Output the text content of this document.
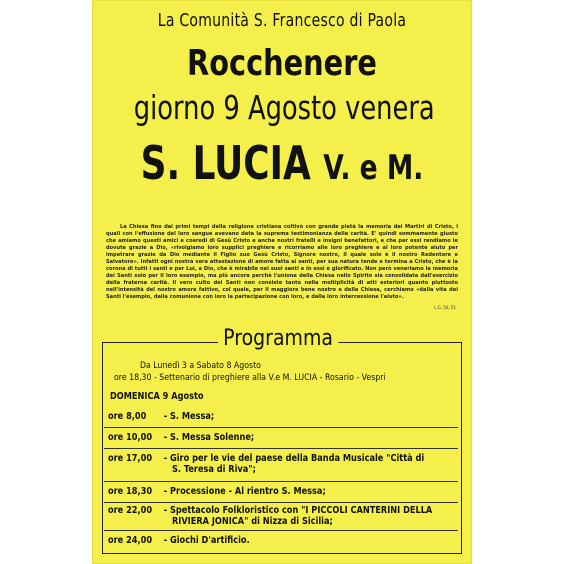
La Comunità S. Francesco di Paola
Rocchenere
giorno 9 Agosto venera
S. LUCIA V. e M.
La Chiesa fino dai primi tempi della religione cristiana coltivò con grande pietà la memoria dei Martiri di Cristo, i quali con l'effusione del loro sangue avevano data la suprema testimonianza della carità. E' quindi sommamente giusto che amiamo questi amici e coeredi di Gesù Cristo e anche nostri fratelli e insigni benefattori, e che per essi rendiamo le dovute grazie a Dio, «rivolgiamo loro supplici preghiere e ricorriamo alle loro preghiere e al loro potente aiuto per impetrare grazie da Dio mediante il Figlio suo Gesù Cristo, Signore nostro, il quale solo è il nostro Redentore e Salvatore». Infatti ogni nostra vera attestazione di amore fatta ai santi, per sua natura tende e termina a Cristo, che è la corona di tutti i santi e per Lui, a Dio, che è mirabile nei suoi santi e in essi è glorificato. Non però veneriamo la memoria dei Santi solo per il loro esempio, ma più ancora perchè l'unione della Chiesa nello Spirito sia consolidata dall'esercizio della fraterna carità. Il vero culto dei Santi non consiste tanto nella moltiplicità di atti esteriori quanto piuttosto nell'intensità del nostro amore fattivo, col quale, per il maggiore bene nostro e della Chiesa, cerchiamo «dalla vita dei Santi l'esempio, dalla comunione con loro la partecipazione con loro, e dalla loro intercessione l'aiuto».
L.G. 50, 51
Programma
Da Lunedì 3 a Sabato 8 Agosto
ore 18,30 - Settenario di preghiere alla V.e M. LUCIA - Rosario - Vespri
DOMENICA 9 Agosto
ore 8,00 - S. Messa;
ore 10,00 - S. Messa Solenne;
ore 17,00 - Giro per le vie del paese della Banda Musicale "Città di
S. Teresa di Riva";
ore 18,30 - Processione - Al rientro S. Messa;
ore 22,00 - Spettacolo Folkloristico con "I PICCOLI CANTERINI DELLA
RIVIERA JONICA" di Nizza di Sicilia;
ore 24,00 - Giochi D'artificio.
